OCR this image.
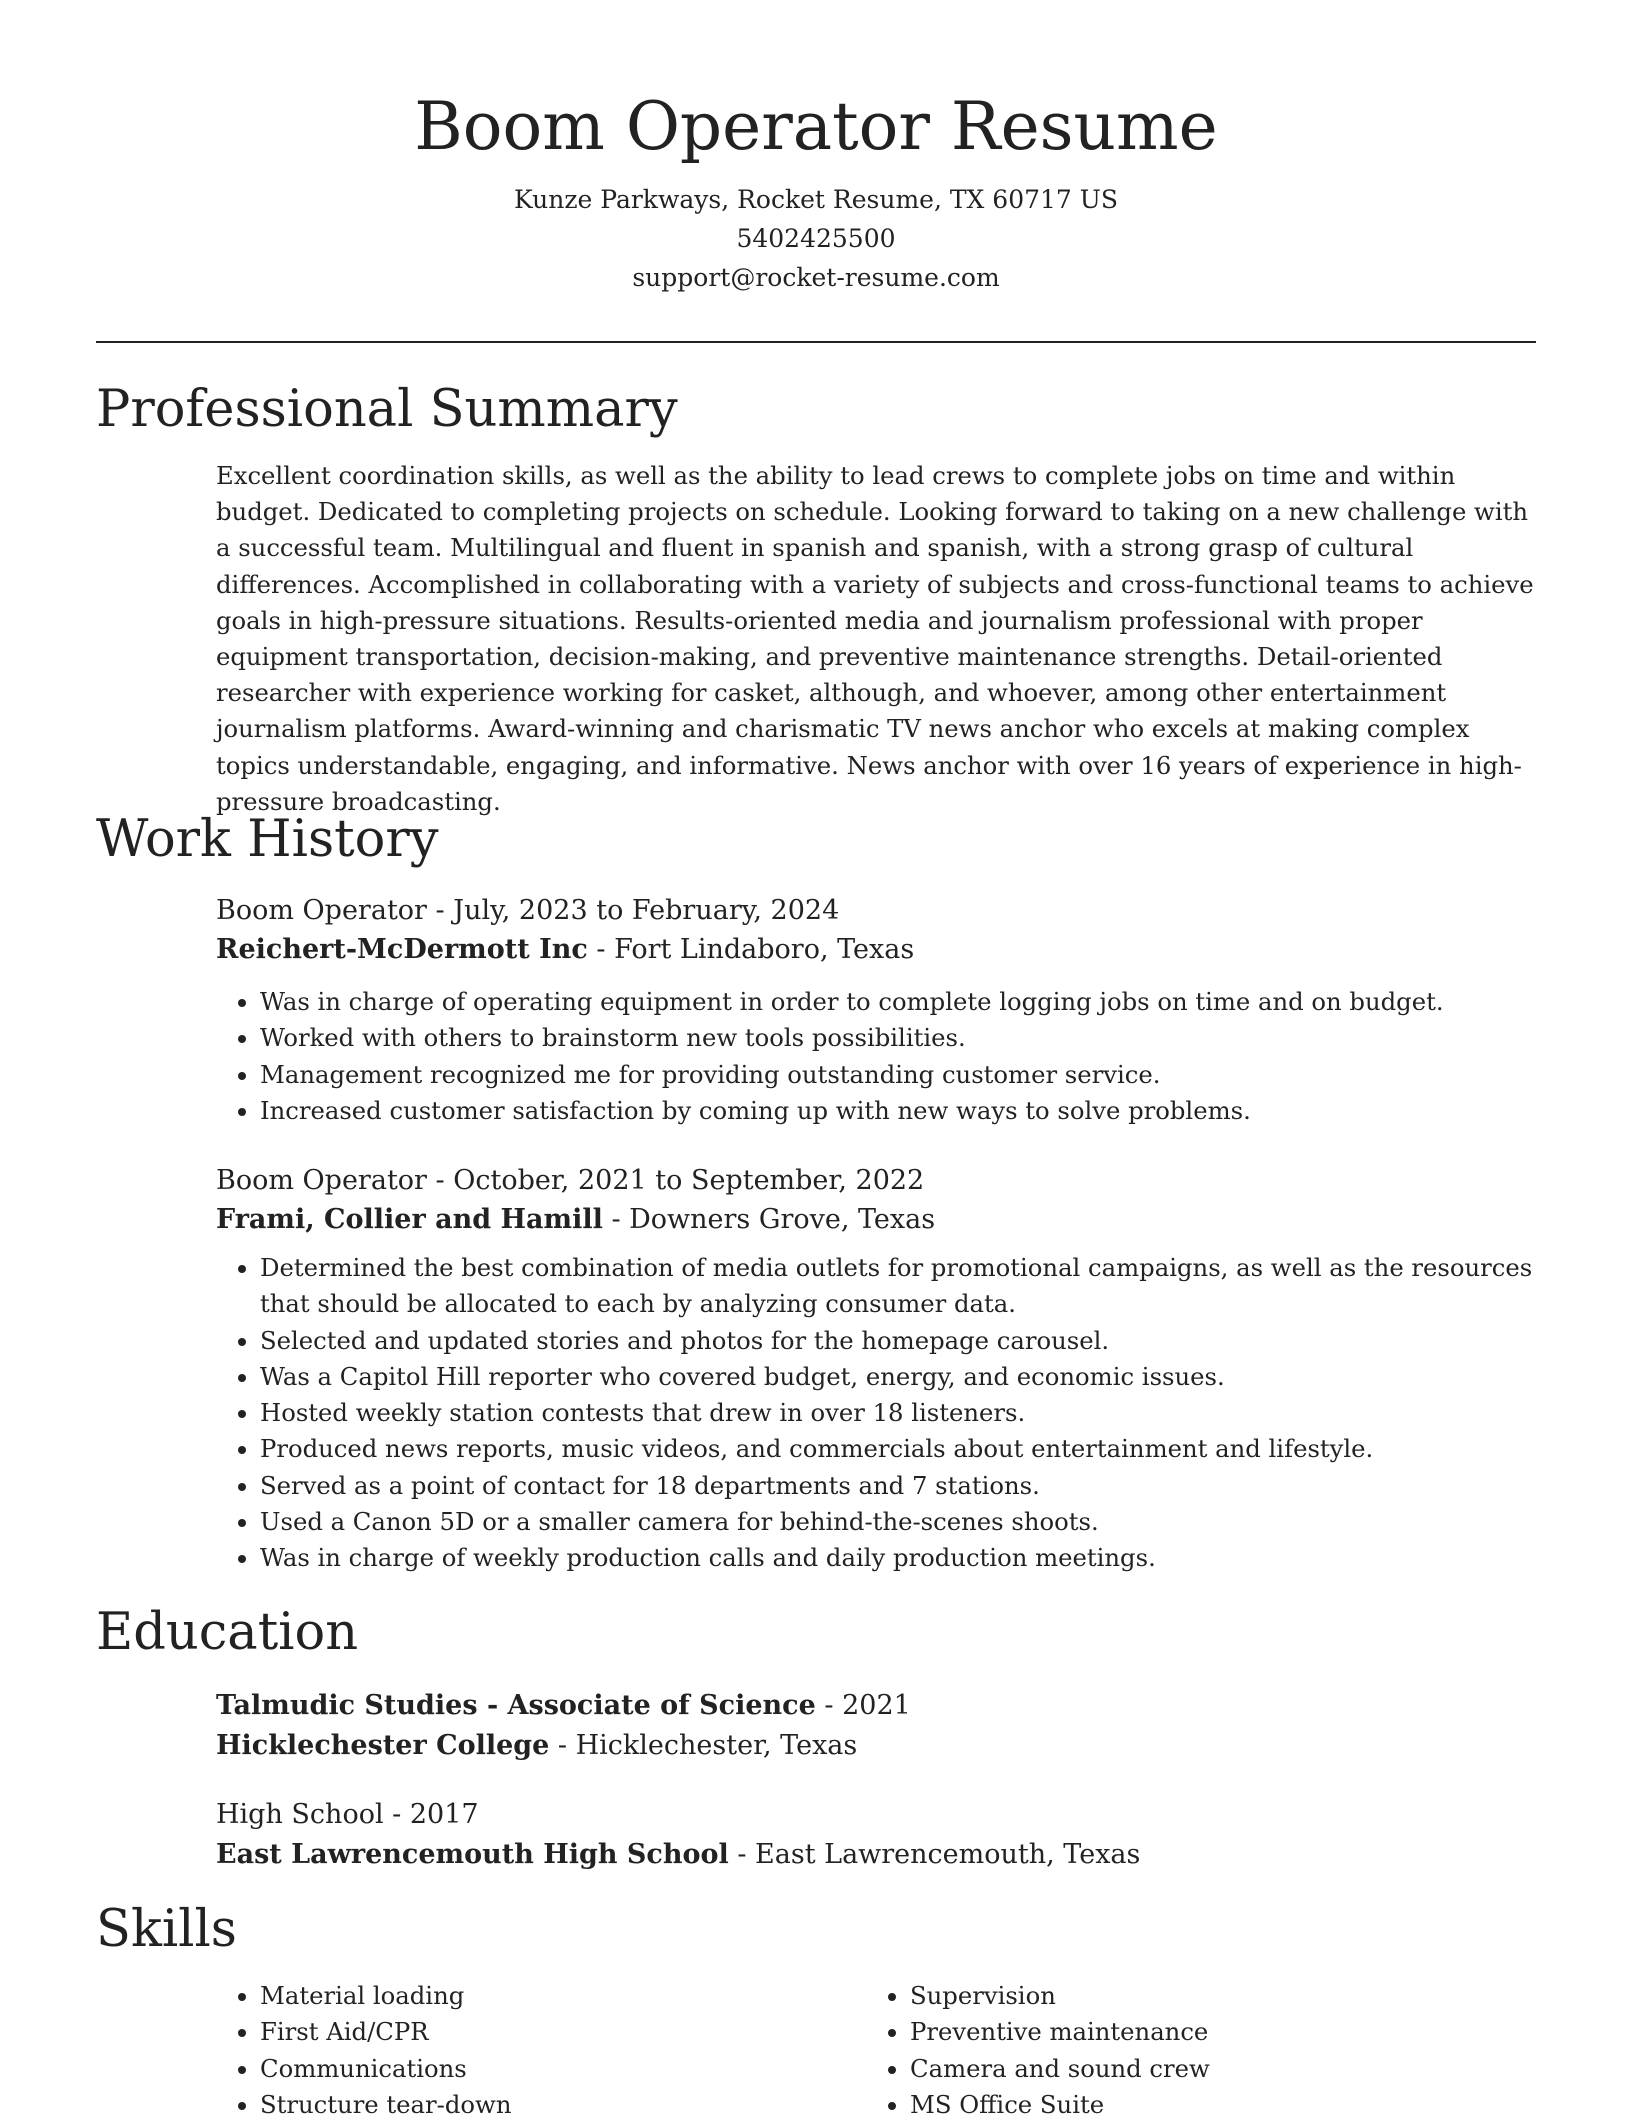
Boom Operator Resume
Kunze Parkways, Rocket Resume, TX 60717 US
5402425500
support@rocket-resume.com
Professional Summary

Excellent coordination skills, as well as the ability to lead crews to complete jobs on time and within budget. Dedicated to completing projects on schedule. Looking forward to taking on a new challenge with a successful team. Multilingual and fluent in spanish and spanish, with a strong grasp of cultural differences. Accomplished in collaborating with a variety of subjects and cross-functional teams to achieve goals in high-pressure situations. Results-oriented media and journalism professional with proper equipment transportation, decision-making, and preventive maintenance strengths. Detail-oriented researcher with experience working for casket, although, and whoever, among other entertainment journalism platforms. Award-winning and charismatic TV news anchor who excels at making complex topics understandable, engaging, and informative. News anchor with over 16 years of experience in high-pressure broadcasting.

Work History
Boom Operator - July, 2023 to February, 2024
Reichert-McDermott Inc - Fort Lindaboro, Texas
• Was in charge of operating equipment in order to complete logging jobs on time and on budget.
• Worked with others to brainstorm new tools possibilities.
• Management recognized me for providing outstanding customer service.
• Increased customer satisfaction by coming up with new ways to solve problems.
Boom Operator - October, 2021 to September, 2022
Frami, Collier and Hamill - Downers Grove, Texas
• Determined the best combination of media outlets for promotional campaigns, as well as the resources that should be allocated to each by analyzing consumer data.
• Selected and updated stories and photos for the homepage carousel.
• Was a Capitol Hill reporter who covered budget, energy, and economic issues.
• Hosted weekly station contests that drew in over 18 listeners.
• Produced news reports, music videos, and commercials about entertainment and lifestyle.
• Served as a point of contact for 18 departments and 7 stations.
• Used a Canon 5D or a smaller camera for behind-the-scenes shoots.
• Was in charge of weekly production calls and daily production meetings.
Education
Talmudic Studies - Associate of Science - 2021
Hicklechester College - Hicklechester, Texas
High School - 2017
East Lawrencemouth High School - East Lawrencemouth, Texas
Skills
• Material loading
• First Aid/CPR
• Communications
• Structure tear-down
• Supervision
• Preventive maintenance
• Camera and sound crew
• MS Office Suite
